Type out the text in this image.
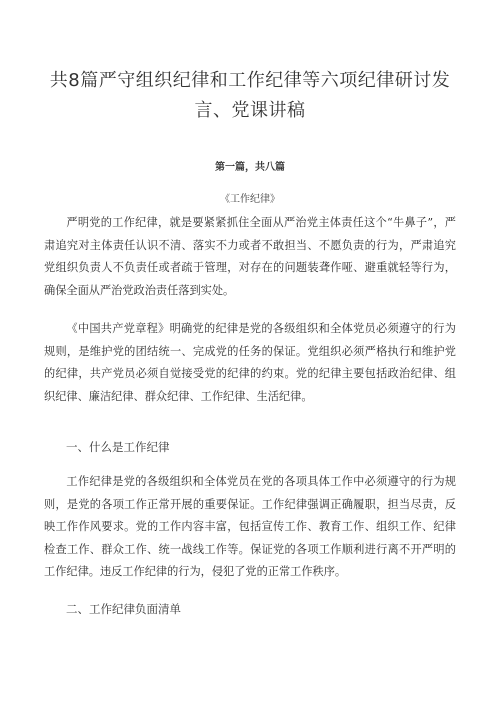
共8篇严守组织纪律和工作纪律等六项纪律研讨发
言、党课讲稿
第一篇，共八篇
《工作纪律》

严明党的工作纪律，就是要紧紧抓住全面从严治党主体责任这个“牛鼻子”，严肃追究对主体责任认识不清、落实不力或者不敢担当、不愿负责的行为，严肃追究党组织负责人不负责任或者疏于管理，对存在的问题装聋作哑、避重就轻等行为，确保全面从严治党政治责任落到实处。

《中国共产党章程》明确党的纪律是党的各级组织和全体党员必须遵守的行为规则，是维护党的团结统一、完成党的任务的保证。党组织必须严格执行和维护党的纪律，共产党员必须自觉接受党的纪律的约束。党的纪律主要包括政治纪律、组织纪律、廉洁纪律、群众纪律、工作纪律、生活纪律。

一、什么是工作纪律

工作纪律是党的各级组织和全体党员在党的各项具体工作中必须遵守的行为规则，是党的各项工作正常开展的重要保证。工作纪律强调正确履职，担当尽责，反映工作作风要求。党的工作内容丰富，包括宣传工作、教育工作、组织工作、纪律检查工作、群众工作、统一战线工作等。保证党的各项工作顺利进行离不开严明的工作纪律。违反工作纪律的行为，侵犯了党的正常工作秩序。

二、工作纪律负面清单
